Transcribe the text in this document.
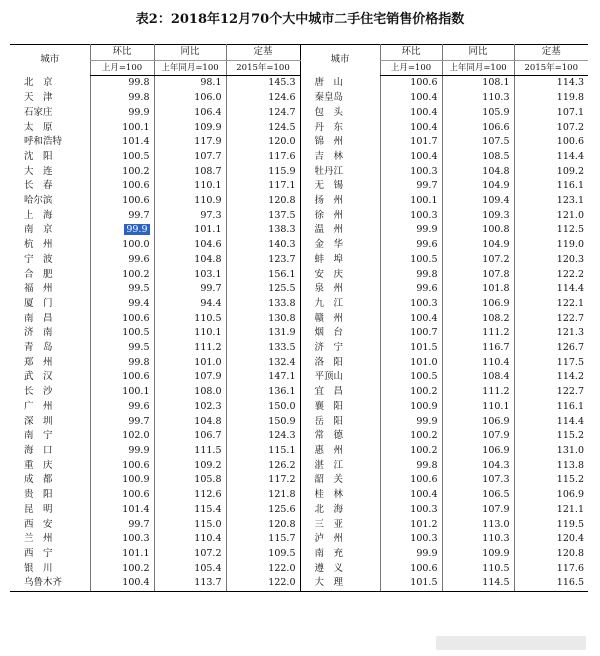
表2：2018年12月70个大中城市二手住宅销售价格指数
城市	环比	同比	定基	城市	环比	同比	定基
	上月=100	上年同月=100	2015年=100		上月=100	上年同月=100	2015年=100
北　京	99.8	98.1	145.3	唐　山	100.6	108.1	114.3
天　津	99.8	106.0	124.6	秦皇岛	100.4	110.3	119.8
石家庄	99.9	106.4	124.7	包　头	100.4	105.9	107.1
太　原	100.1	109.9	124.5	丹　东	100.4	106.6	107.2
呼和浩特	101.4	117.9	120.0	锦　州	101.7	107.5	100.6
沈　阳	100.5	107.7	117.6	吉　林	100.4	108.5	114.4
大　连	100.2	108.7	115.9	牡丹江	100.3	104.8	109.2
长　春	100.6	110.1	117.1	无　锡	99.7	104.9	116.1
哈尔滨	100.6	110.9	120.8	扬　州	100.1	109.4	123.1
上　海	99.7	97.3	137.5	徐　州	100.3	109.3	121.0
南　京	99.9	101.1	138.3	温　州	99.9	100.8	112.5
杭　州	100.0	104.6	140.3	金　华	99.6	104.9	119.0
宁　波	99.6	104.8	123.7	蚌　埠	100.5	107.2	120.3
合　肥	100.2	103.1	156.1	安　庆	99.8	107.8	122.2
福　州	99.5	99.7	125.5	泉　州	99.6	101.8	114.4
厦　门	99.4	94.4	133.8	九　江	100.3	106.9	122.1
南　昌	100.6	110.5	130.8	赣　州	100.4	108.2	122.7
济　南	100.5	110.1	131.9	烟　台	100.7	111.2	121.3
青　岛	99.5	111.2	133.5	济　宁	101.5	116.7	126.7
郑　州	99.8	101.0	132.4	洛　阳	101.0	110.4	117.5
武　汉	100.6	107.9	147.1	平顶山	100.5	108.4	114.2
长　沙	100.1	108.0	136.1	宜　昌	100.2	111.2	122.7
广　州	99.6	102.3	150.0	襄　阳	100.9	110.1	116.1
深　圳	99.7	104.8	150.9	岳　阳	99.9	106.9	114.4
南　宁	102.0	106.7	124.3	常　德	100.2	107.9	115.2
海　口	99.9	111.5	115.1	惠　州	100.2	106.9	131.0
重　庆	100.6	109.2	126.2	湛　江	99.8	104.3	113.8
成　都	100.9	105.8	117.2	韶　关	100.6	107.3	115.2
贵　阳	100.6	112.6	121.8	桂　林	100.4	106.5	106.9
昆　明	101.4	115.4	125.6	北　海	100.3	107.9	121.1
西　安	99.7	115.0	120.8	三　亚	101.2	113.0	119.5
兰　州	100.3	110.4	115.7	泸　州	100.3	110.3	120.4
西　宁	101.1	107.2	109.5	南　充	99.9	109.9	120.8
银　川	100.2	105.4	122.0	遵　义	100.6	110.5	117.6
乌鲁木齐	100.4	113.7	122.0	大　理	101.5	114.5	116.5
